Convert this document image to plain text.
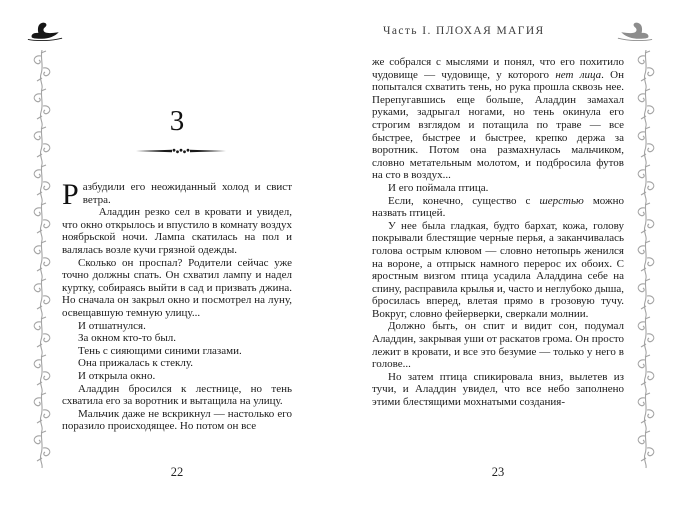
Часть I. ПЛОХАЯ МАГИЯ
3

Разбудили его неожиданный холод и свист ветра.

Аладдин резко сел в кровати и увидел, что окно открылось и впустило в комнату воздух ноябрьской ночи. Лампа скатилась на пол и валялась возле кучи грязной одежды.

Сколько он проспал? Родители сейчас уже точно должны спать. Он схватил лампу и надел куртку, собираясь выйти в сад и призвать джина. Но сначала он закрыл окно и посмотрел на луну, освещавшую темную улицу...

И отшатнулся.

За окном кто-то был.

Тень с сияющими синими глазами.

Она прижалась к стеклу.

И открыла окно.

Аладдин бросился к лестнице, но тень схватила его за воротник и вытащила на улицу.

Мальчик даже не вскрикнул — настолько его поразило происходящее. Но потом он все

22

же собрался с мыслями и понял, что его похитило чудовище — чудовище, у которого нет лица. Он попытался схватить тень, но рука прошла сквозь нее. Перепугавшись еще больше, Аладдин замахал руками, задрыгал ногами, но тень окинула его строгим взглядом и потащила по траве — все быстрее, быстрее и быстрее, крепко держа за воротник. Потом она размахнулась мальчиком, словно метательным молотом, и подбросила футов на сто в воздух...

И его поймала птица.

Если, конечно, существо с шерстью можно назвать птицей.

У нее была гладкая, будто бархат, кожа, голову покрывали блестящие черные перья, а заканчивалась голова острым клювом — словно нетопырь женился на вороне, а отпрыск намного перерос их обоих. С яростным визгом птица усадила Аладдина себе на спину, расправила крылья и, часто и неглубоко дыша, бросилась вперед, влетая прямо в грозовую тучу. Вокруг, словно фейерверки, сверкали молнии.

Должно быть, он спит и видит сон, подумал Аладдин, закрывая уши от раскатов грома. Он просто лежит в кровати, и все это безумие — только у него в голове...

Но затем птица спикировала вниз, вылетев из тучи, и Аладдин увидел, что все небо заполнено этими блестящими мохнатыми создания-

23
